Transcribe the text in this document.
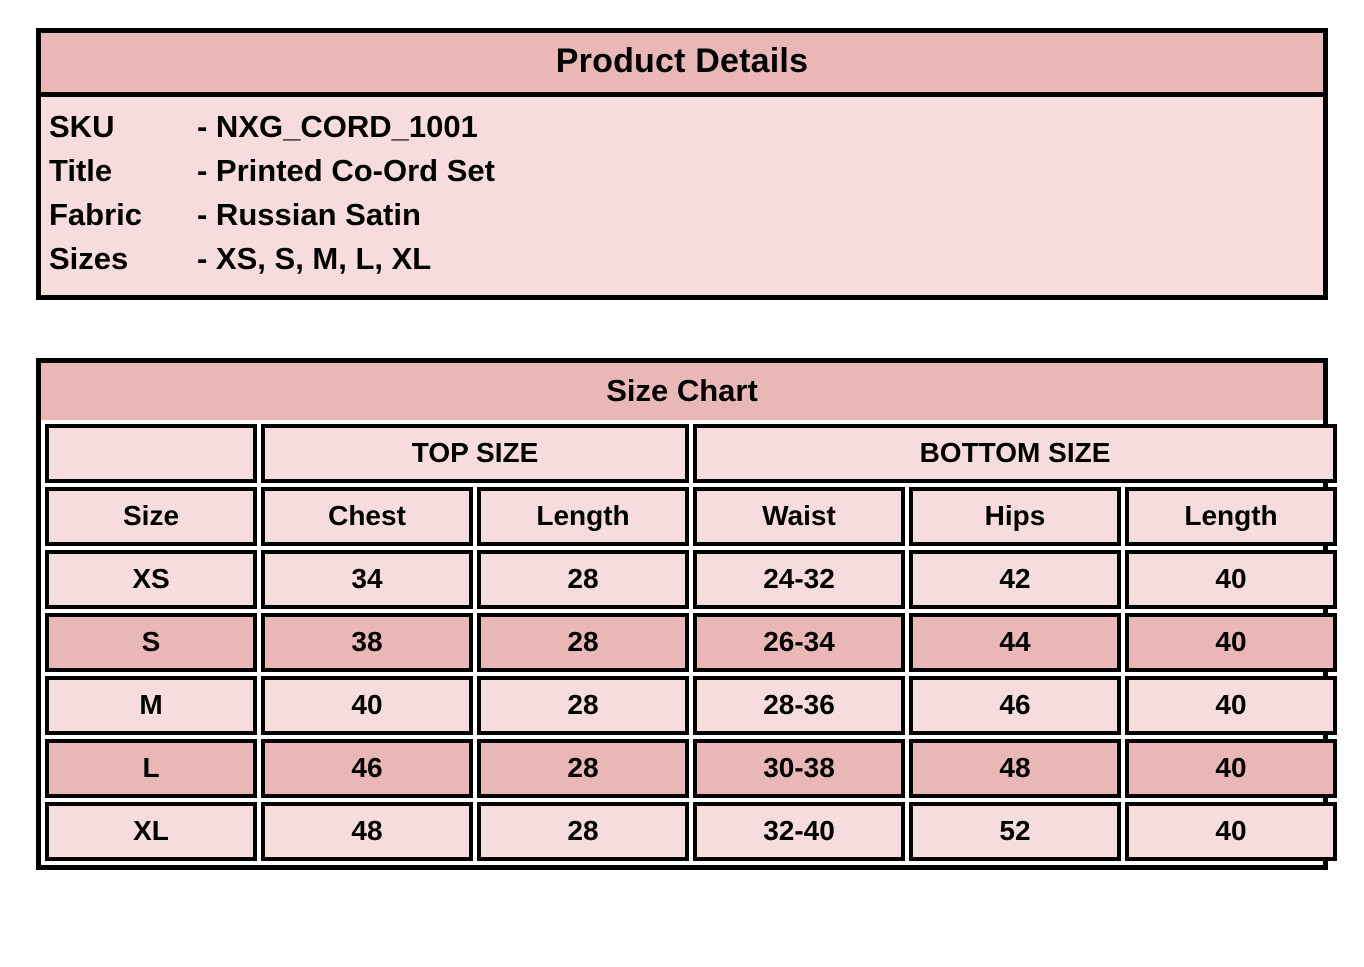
Product Details
SKU	- NXG_CORD_1001
Title	- Printed Co-Ord Set
Fabric	- Russian Satin
Sizes	- XS, S, M, L, XL
Size Chart
	TOP SIZE		BOTTOM SIZE		
Size	Chest	Length	Waist	Hips	Length
XS	34	28	24-32	42	40
S	38	28	26-34	44	40
M	40	28	28-36	46	40
L	46	28	30-38	48	40
XL	48	28	32-40	52	40
